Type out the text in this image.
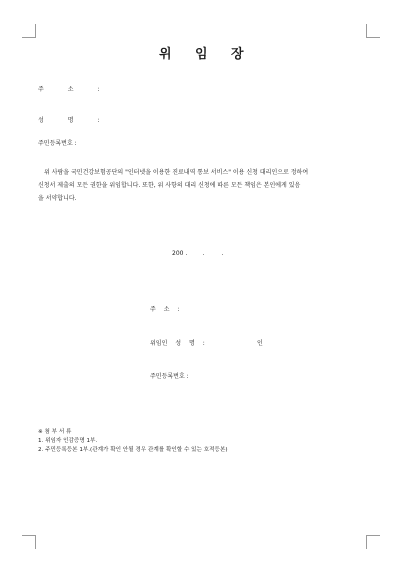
위 임 장
주 소 :
성 명 :
주민등록번호 :
위 사람을 국민건강보험공단의 "인터넷을 이용한 진료내역 통보 서비스" 이용 신청 대리인으로 정하여
신청서 제출의 모든 권한을 위임합니다. 또한, 위 사항의 대리 신청에 따른 모든 책임은 본인에게 있음
을 서약합니다.
200 .        .         .
주 소 :
위임인 성 명 :	인
주민등록번호 :
※ 첨 부 서 류
1. 위임자 인감증명 1부.
2. 주민등록등본 1부.(관계가 확인 안될 경우 관계를 확인할 수 있는 호적등본)
